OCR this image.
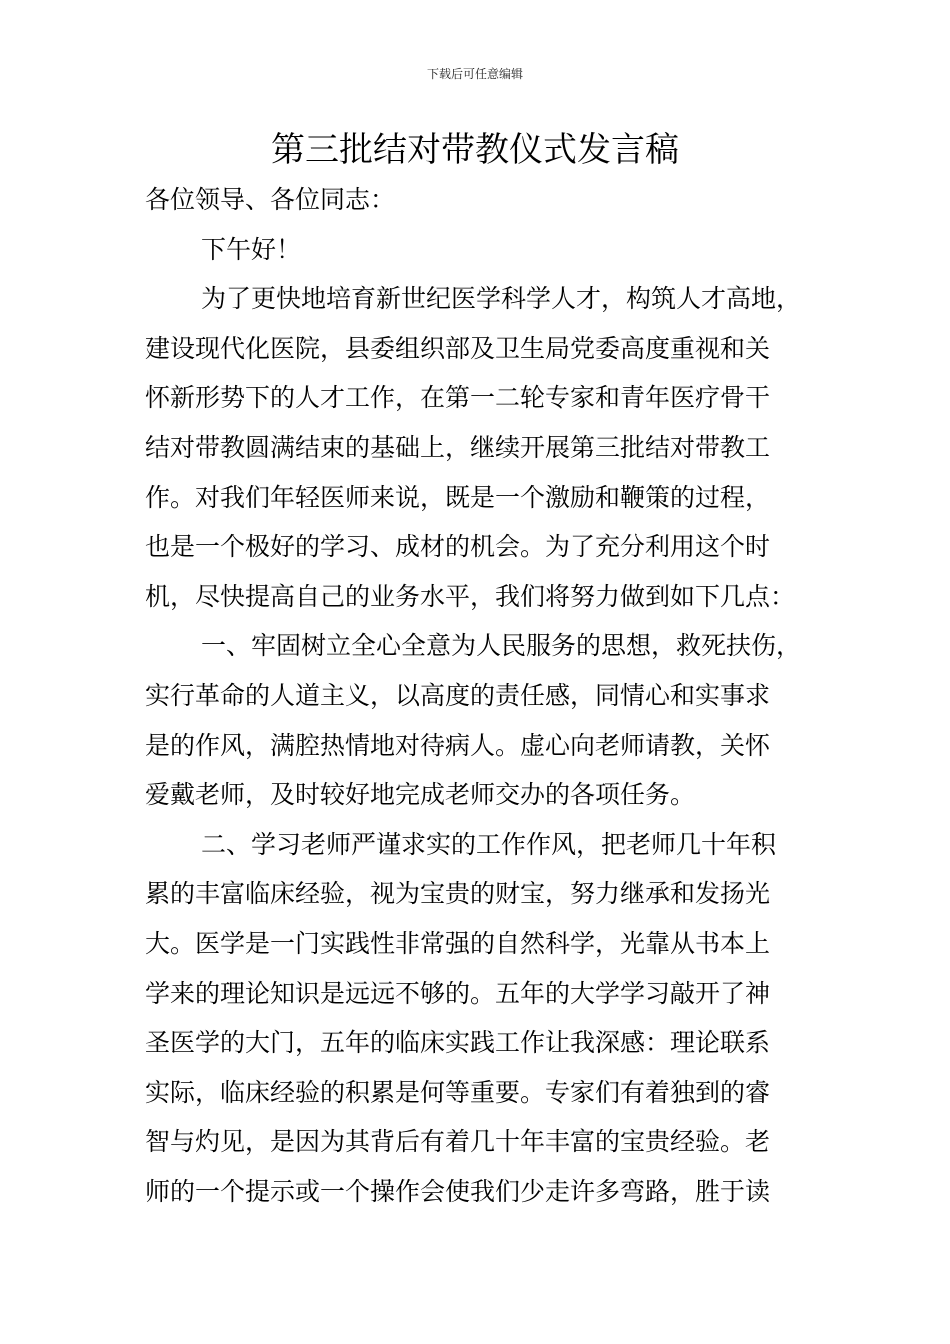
下载后可任意编辑
第三批结对带教仪式发言稿
各位领导、各位同志：
下午好！
为了更快地培育新世纪医学科学人才，构筑人才高地，
建设现代化医院，县委组织部及卫生局党委高度重视和关
怀新形势下的人才工作，在第一二轮专家和青年医疗骨干
结对带教圆满结束的基础上，继续开展第三批结对带教工
作。对我们年轻医师来说，既是一个激励和鞭策的过程，
也是一个极好的学习、成材的机会。为了充分利用这个时
机，尽快提高自己的业务水平，我们将努力做到如下几点：
一、牢固树立全心全意为人民服务的思想，救死扶伤，
实行革命的人道主义，以高度的责任感，同情心和实事求
是的作风，满腔热情地对待病人。虚心向老师请教，关怀
爱戴老师，及时较好地完成老师交办的各项任务。
二、学习老师严谨求实的工作作风，把老师几十年积
累的丰富临床经验，视为宝贵的财宝，努力继承和发扬光
大。医学是一门实践性非常强的自然科学，光靠从书本上
学来的理论知识是远远不够的。五年的大学学习敲开了神
圣医学的大门，五年的临床实践工作让我深感：理论联系
实际，临床经验的积累是何等重要。专家们有着独到的睿
智与灼见，是因为其背后有着几十年丰富的宝贵经验。老
师的一个提示或一个操作会使我们少走许多弯路，胜于读
